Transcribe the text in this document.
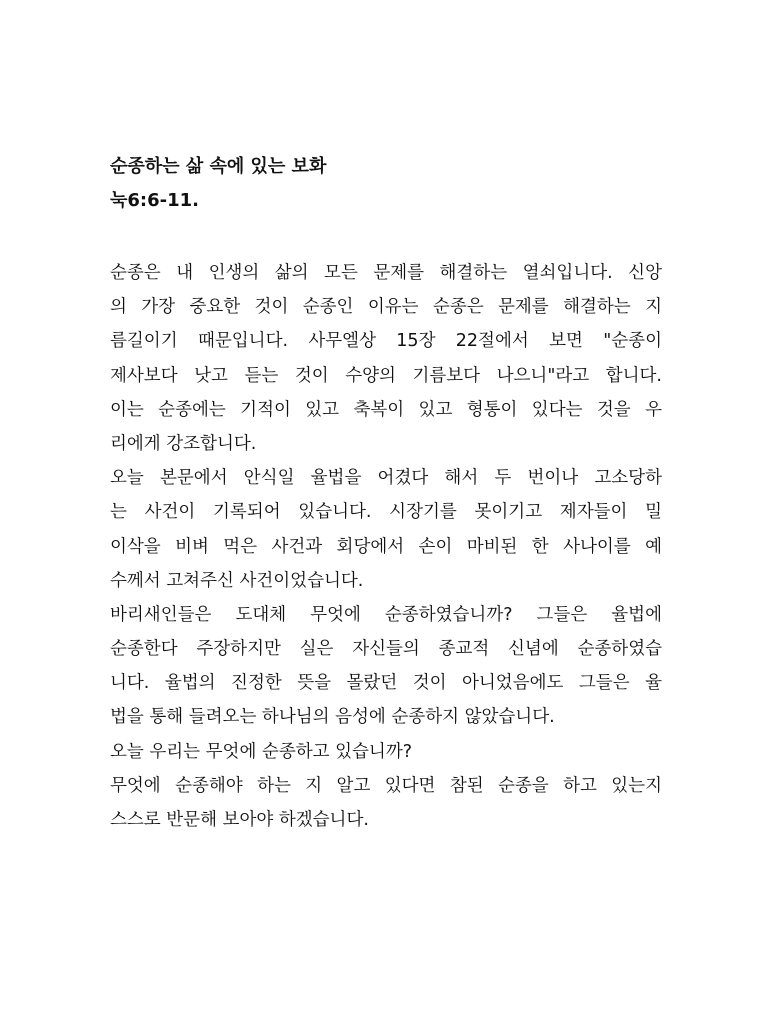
순종하는 삶 속에 있는 보화
눅6:6-11.
순종은 내 인생의 삶의 모든 문제를 해결하는 열쇠입니다. 신앙
의 가장 중요한 것이 순종인 이유는 순종은 문제를 해결하는 지
름길이기 때문입니다. 사무엘상 15장 22절에서 보면 "순종이
제사보다 낫고 듣는 것이 수양의 기름보다 나으니"라고 합니다.
이는 순종에는 기적이 있고 축복이 있고 형통이 있다는 것을 우
리에게 강조합니다.
오늘 본문에서 안식일 율법을 어겼다 해서 두 번이나 고소당하
는 사건이 기록되어 있습니다. 시장기를 못이기고 제자들이 밀
이삭을 비벼 먹은 사건과 회당에서 손이 마비된 한 사나이를 예
수께서 고쳐주신 사건이었습니다.
바리새인들은 도대체 무엇에 순종하였습니까? 그들은 율법에
순종한다 주장하지만 실은 자신들의 종교적 신념에 순종하였습
니다. 율법의 진정한 뜻을 몰랐던 것이 아니었음에도 그들은 율
법을 통해 들려오는 하나님의 음성에 순종하지 않았습니다.
오늘 우리는 무엇에 순종하고 있습니까?
무엇에 순종해야 하는 지 알고 있다면 참된 순종을 하고 있는지
스스로 반문해 보아야 하겠습니다.
